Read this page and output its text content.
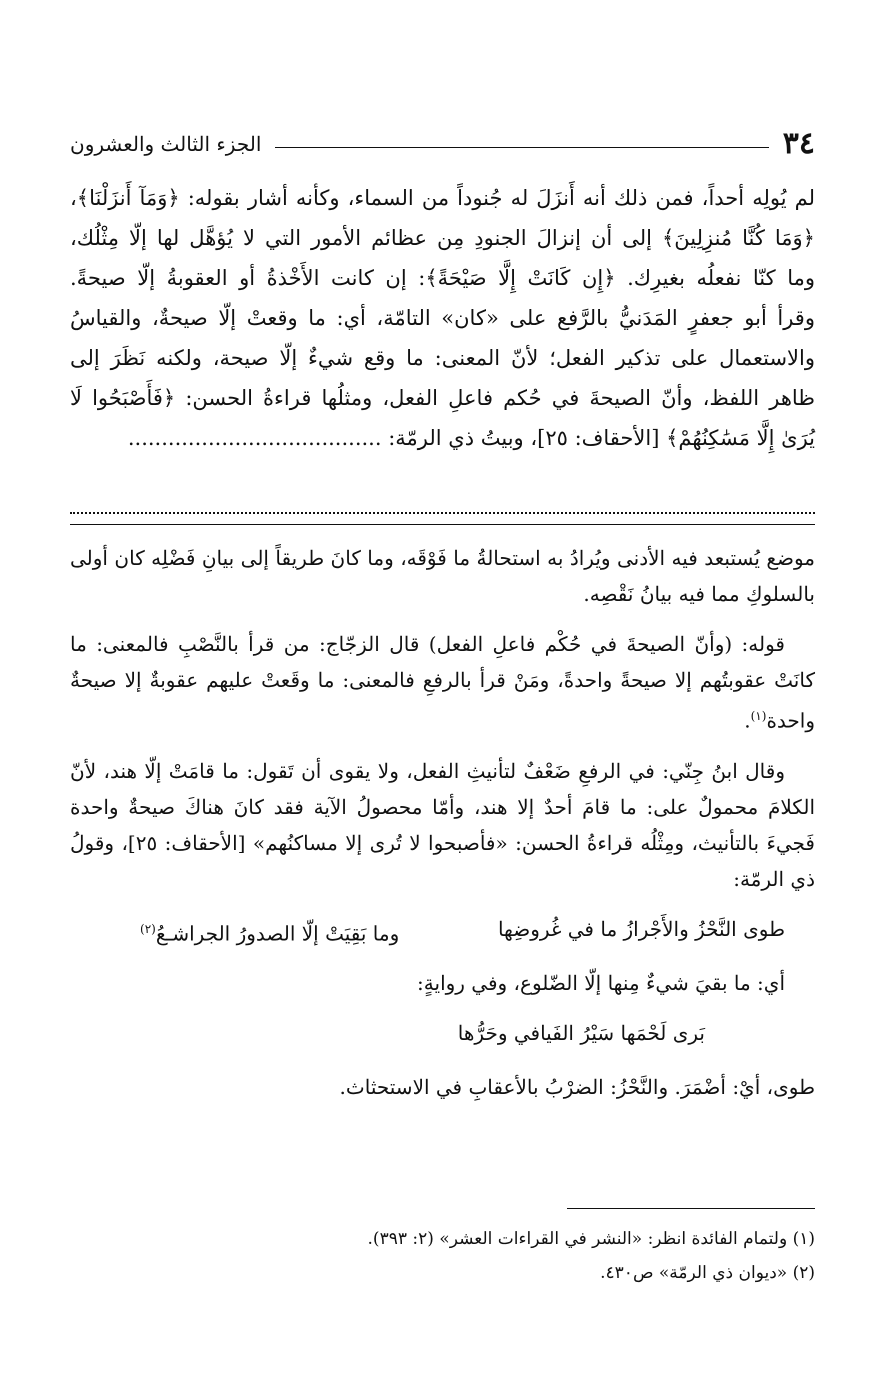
٣٤
الجزء الثالث والعشرون

لم يُولِه أحداً، فمن ذلك أنه أَنزَلَ له جُنوداً من السماء، وكأنه أشار بقوله: ﴿وَمَآ أَنزَلْنَا﴾،

﴿وَمَا كُنَّا مُنزِلِينَ﴾ إلى أن إنزالَ الجنودِ مِن عظائم الأمور التي لا يُؤهَّل لها إلّا مِثْلُك،

وما كنّا نفعلُه بغيرِك. ﴿إِن كَانَتْ إِلَّا صَيْحَةً﴾: إن كانت الأَخْذةُ أو العقوبةُ إلّا صيحةً.

وقرأ أبو جعفرٍ المَدَنيُّ بالرَّفع على «كان» التامّة، أي: ما وقعتْ إلّا صيحةٌ، والقياسُ

والاستعمال على تذكير الفعل؛ لأنّ المعنى: ما وقع شيءٌ إلّا صيحة، ولكنه نَظَرَ إلى

ظاهر اللفظ، وأنّ الصيحةَ في حُكم فاعلِ الفعل، ومثلُها قراءةُ الحسن: ﴿فَأَصْبَحُوا لَا

يُرَىٰ إِلَّا مَسَٰكِنُهُمْ﴾ [الأحقاف: ٢٥]، وبيتُ ذي الرمّة: ......................................

موضع يُستبعد فيه الأدنى ويُرادُ به استحالةُ ما فَوْقَه، وما كانَ طريقاً إلى بيانِ فَضْلِه كان أولى بالسلوكِ مما فيه بيانُ نَقْصِه.

قوله: (وأنّ الصيحةَ في حُكْم فاعلِ الفعل) قال الزجّاج: من قرأ بالنَّصْبِ فالمعنى: ما كانَتْ عقوبتُهم إلا صيحةً واحدةً، ومَنْ قرأ بالرفعِ فالمعنى: ما وقَعتْ عليهم عقوبةٌ إلا صيحةٌ واحدة$^{(١)}$.

وقال ابنُ جِنّي: في الرفعِ ضَعْفٌ لتأنيثِ الفعل، ولا يقوى أن تَقول: ما قامَتْ إلّا هند، لأنّ الكلامَ محمولٌ على: ما قامَ أحدٌ إلا هند، وأمّا محصولُ الآية فقد كانَ هناكَ صيحةٌ واحدة فَجيءَ بالتأنيث، ومِثْلُه قراءةُ الحسن: «فأصبحوا لا تُرى إلا مساكنُهم» [الأحقاف: ٢٥]، وقولُ ذي الرمّة:

طوى النَّحْزُ والأَجْرازُ ما في غُروضِها
وما بَقِيَتْ إلّا الصدورُ الجراشـعُ$^{(٢)}$

أي: ما بقيَ شيءٌ مِنها إلّا الضّلوع، وفي روايةٍ:

بَرى لَحْمَها سَيْرُ الفَيافي وحَرُّها

طوى، أيْ: أضْمَرَ. والنَّحْزُ: الضرْبُ بالأعقابِ في الاستحثاث.

(١) ولتمام الفائدة انظر: «النشر في القراءات العشر» (٢: ٣٩٣).

(٢) «ديوان ذي الرمّة» ص٤٣٠.
